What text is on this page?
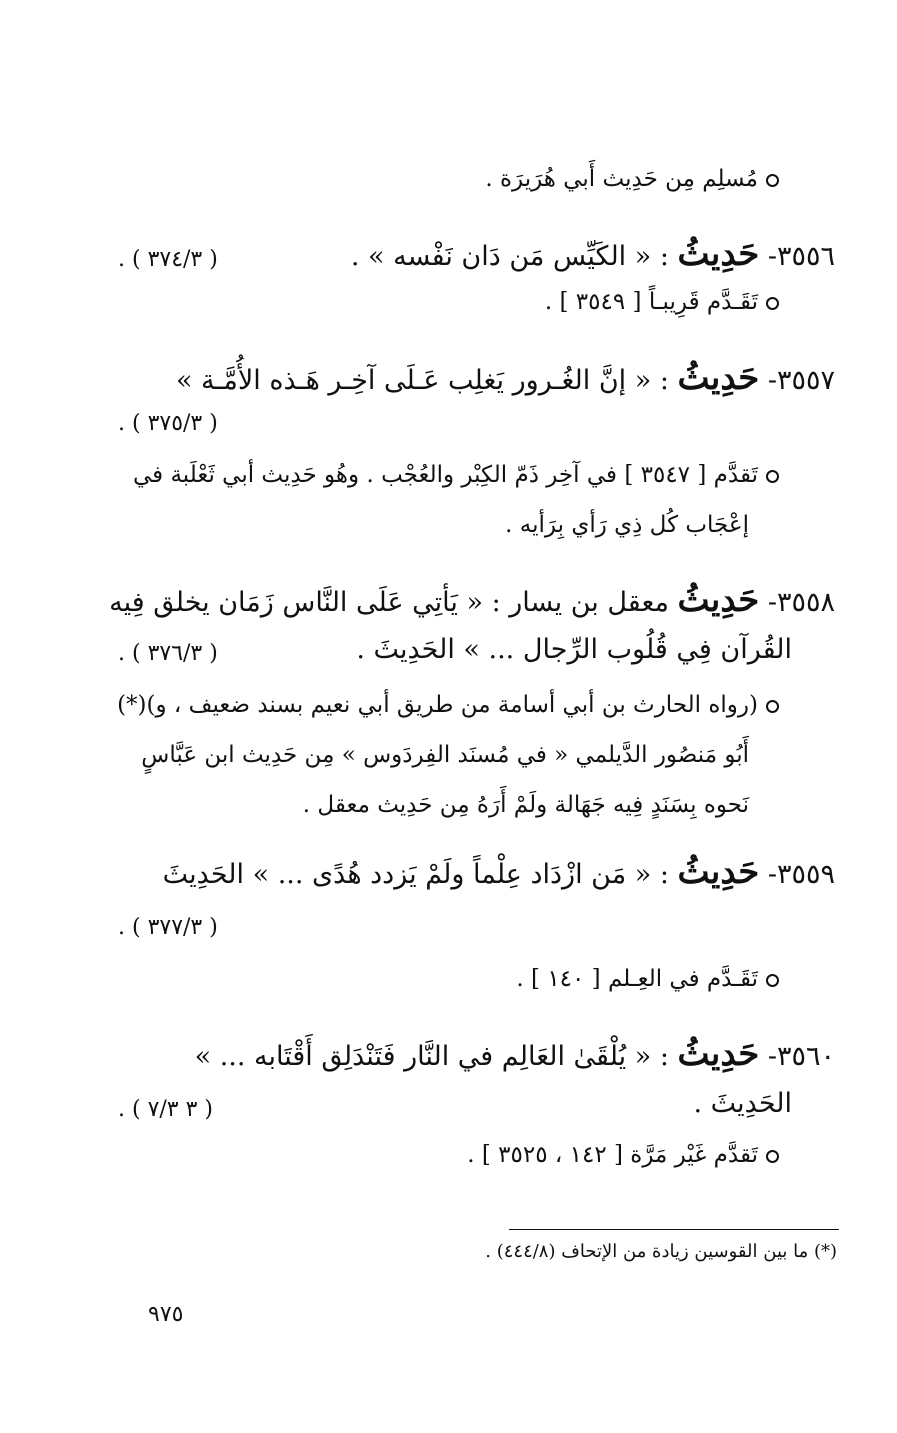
مُسلِم مِن حَدِيث أَبي هُرَيرَة .
٣٥٥٦- حَدِيثُ : « الكَيِّس مَن دَان نَفْسه » .
( ٣٧٤/٣ ) .
تَقَـدَّم قَرِيبـاً [ ٣٥٤٩ ] .
٣٥٥٧- حَدِيثُ : « إنَّ الغُـرور يَغلِب عَـلَى آخِـر هَـذه الأُمَّـة »
( ٣٧٥/٣ ) .
تَقدَّم [ ٣٥٤٧ ] في آخِر ذَمّ الكِبْر والعُجْب . وهُو حَدِيث أبي ثَعْلَبة في
إعْجَاب كُل ذِي رَأي بِرَأيه .
٣٥٥٨- حَدِيثُ معقل بن يسار : « يَأتِي عَلَى النَّاس زَمَان يخلق فِيه
القُرآن فِي قُلُوب الرِّجال ... » الحَدِيثَ .
( ٣٧٦/٣ ) .
(رواه الحارث بن أبي أسامة من طريق أبي نعيم بسند ضعيف ، و)(*)
أَبُو مَنصُور الدَّيلمي « في مُسنَد الفِردَوس » مِن حَدِيث ابن عَبَّاسٍ
نَحوه بِسَنَدٍ فِيه جَهَالة ولَمْ أَرَهُ مِن حَدِيث معقل .
٣٥٥٩- حَدِيثُ : « مَن ازْدَاد عِلْماً ولَمْ يَزدد هُدًى ... » الحَدِيثَ
( ٣٧٧/٣ ) .
تَقَـدَّم في العِـلم [ ١٤٠ ] .
٣٥٦٠- حَدِيثُ : « يُلْقَىٰ العَالِم في النَّار فَتَنْدَلِق أَقْتَابه ... »
الحَدِيثَ .
( ٣ ٧/٣ ) .
تَقدَّم غَيْر مَرَّة [ ١٤٢ ، ٣٥٢٥ ] .
(*) ما بين القوسين زيادة من الإتحاف (٤٤٤/٨) .
٩٧٥
